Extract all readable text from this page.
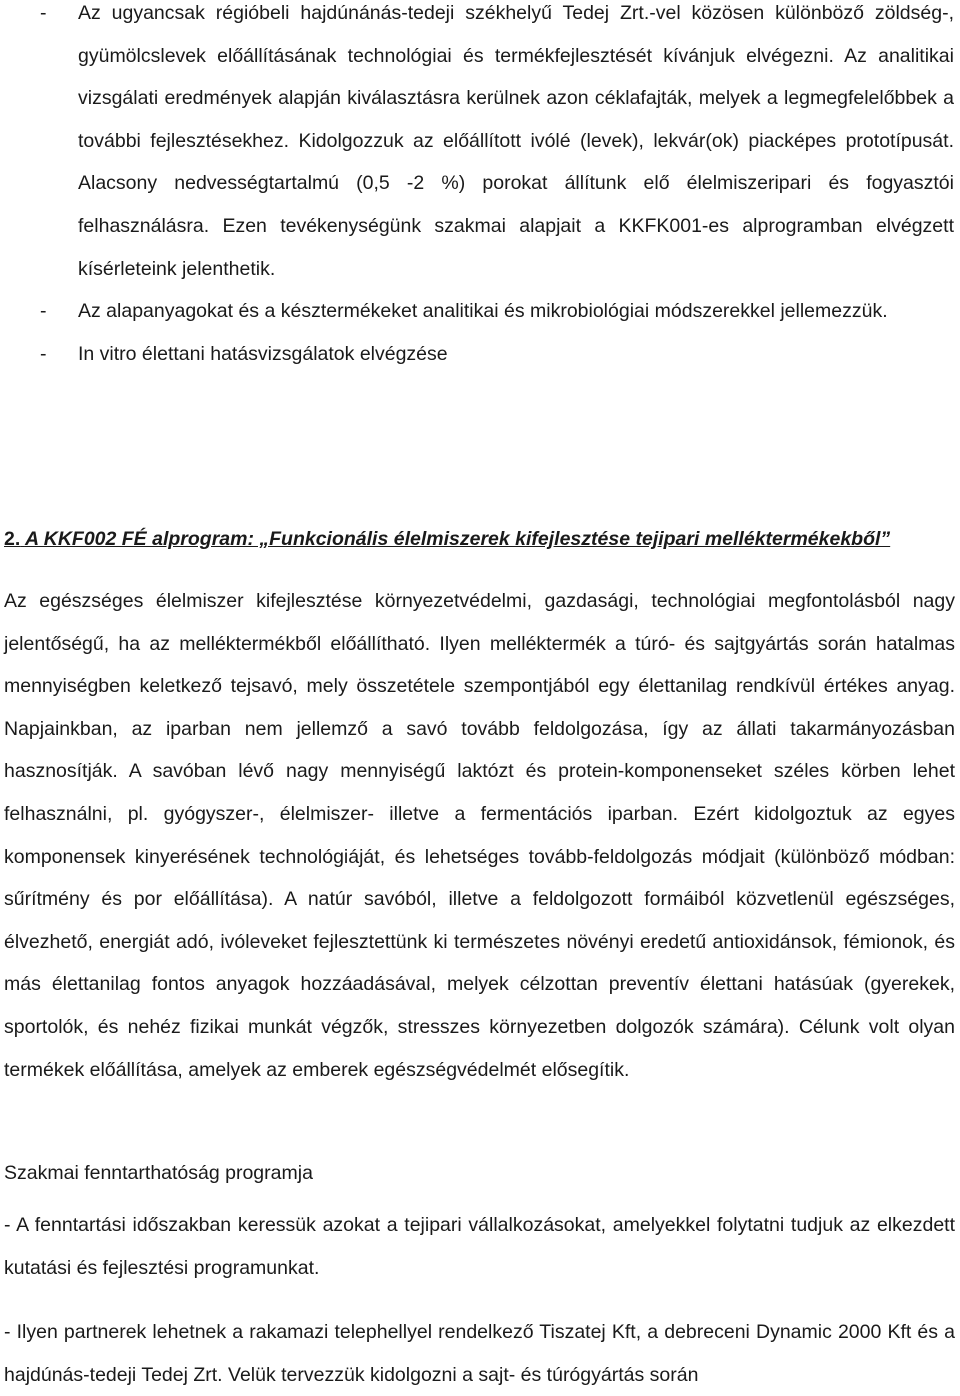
- Az ugyancsak régióbeli hajdúnánás-tedeji székhelyű Tedej Zrt.-vel közösen különböző zöldség-, gyümölcslevek előállításának technológiai és termékfejlesztését kívánjuk elvégezni. Az analitikai vizsgálati eredmények alapján kiválasztásra kerülnek azon céklafajták, melyek a legmegfelelőbbek a további fejlesztésekhez. Kidolgozzuk az előállított ivólé (levek), lekvár(ok) piacképes prototípusát. Alacsony nedvességtartalmú (0,5 -2 %) porokat állítunk elő élelmiszeripari és fogyasztói felhasználásra. Ezen tevékenységünk szakmai alapjait a KKFK001-es alprogramban elvégzett kísérleteink jelenthetik.

- Az alapanyagokat és a késztermékeket analitikai és mikrobiológiai módszerekkel jellemezzük.

- In vitro élettani hatásvizsgálatok elvégzése

2. A KKF002 FÉ alprogram: „Funkcionális élelmiszerek kifejlesztése tejipari melléktermékekből”

Az egészséges élelmiszer kifejlesztése környezetvédelmi, gazdasági, technológiai megfontolásból nagy jelentőségű, ha az melléktermékből előállítható. Ilyen melléktermék a túró- és sajtgyártás során hatalmas mennyiségben keletkező tejsavó, mely összetétele szempontjából egy élettanilag rendkívül értékes anyag. Napjainkban, az iparban nem jellemző a savó tovább feldolgozása, így az állati takarmányozásban hasznosítják. A savóban lévő nagy mennyiségű laktózt és protein-komponenseket széles körben lehet felhasználni, pl. gyógyszer-, élelmiszer- illetve a fermentációs iparban. Ezért kidolgoztuk az egyes komponensek kinyerésének technológiáját, és lehetséges tovább-feldolgozás módjait (különböző módban: sűrítmény és por előállítása). A natúr savóból, illetve a feldolgozott formáiból közvetlenül egészséges, élvezhető, energiát adó, ivóleveket fejlesztettünk ki természetes növényi eredetű antioxidánsok, fémionok, és más élettanilag fontos anyagok hozzáadásával, melyek célzottan preventív élettani hatásúak (gyerekek, sportolók, és nehéz fizikai munkát végzők, stresszes környezetben dolgozók számára). Célunk volt olyan termékek előállítása, amelyek az emberek egészségvédelmét elősegítik.

Szakmai fenntarthatóság programja

- A fenntartási időszakban keressük azokat a tejipari vállalkozásokat, amelyekkel folytatni tudjuk az elkezdett kutatási és fejlesztési programunkat.

- Ilyen partnerek lehetnek a rakamazi telephellyel rendelkező Tiszatej Kft, a debreceni Dynamic 2000 Kft és a hajdúnás-tedeji Tedej Zrt. Velük tervezzük kidolgozni a sajt- és túrógyártás során
